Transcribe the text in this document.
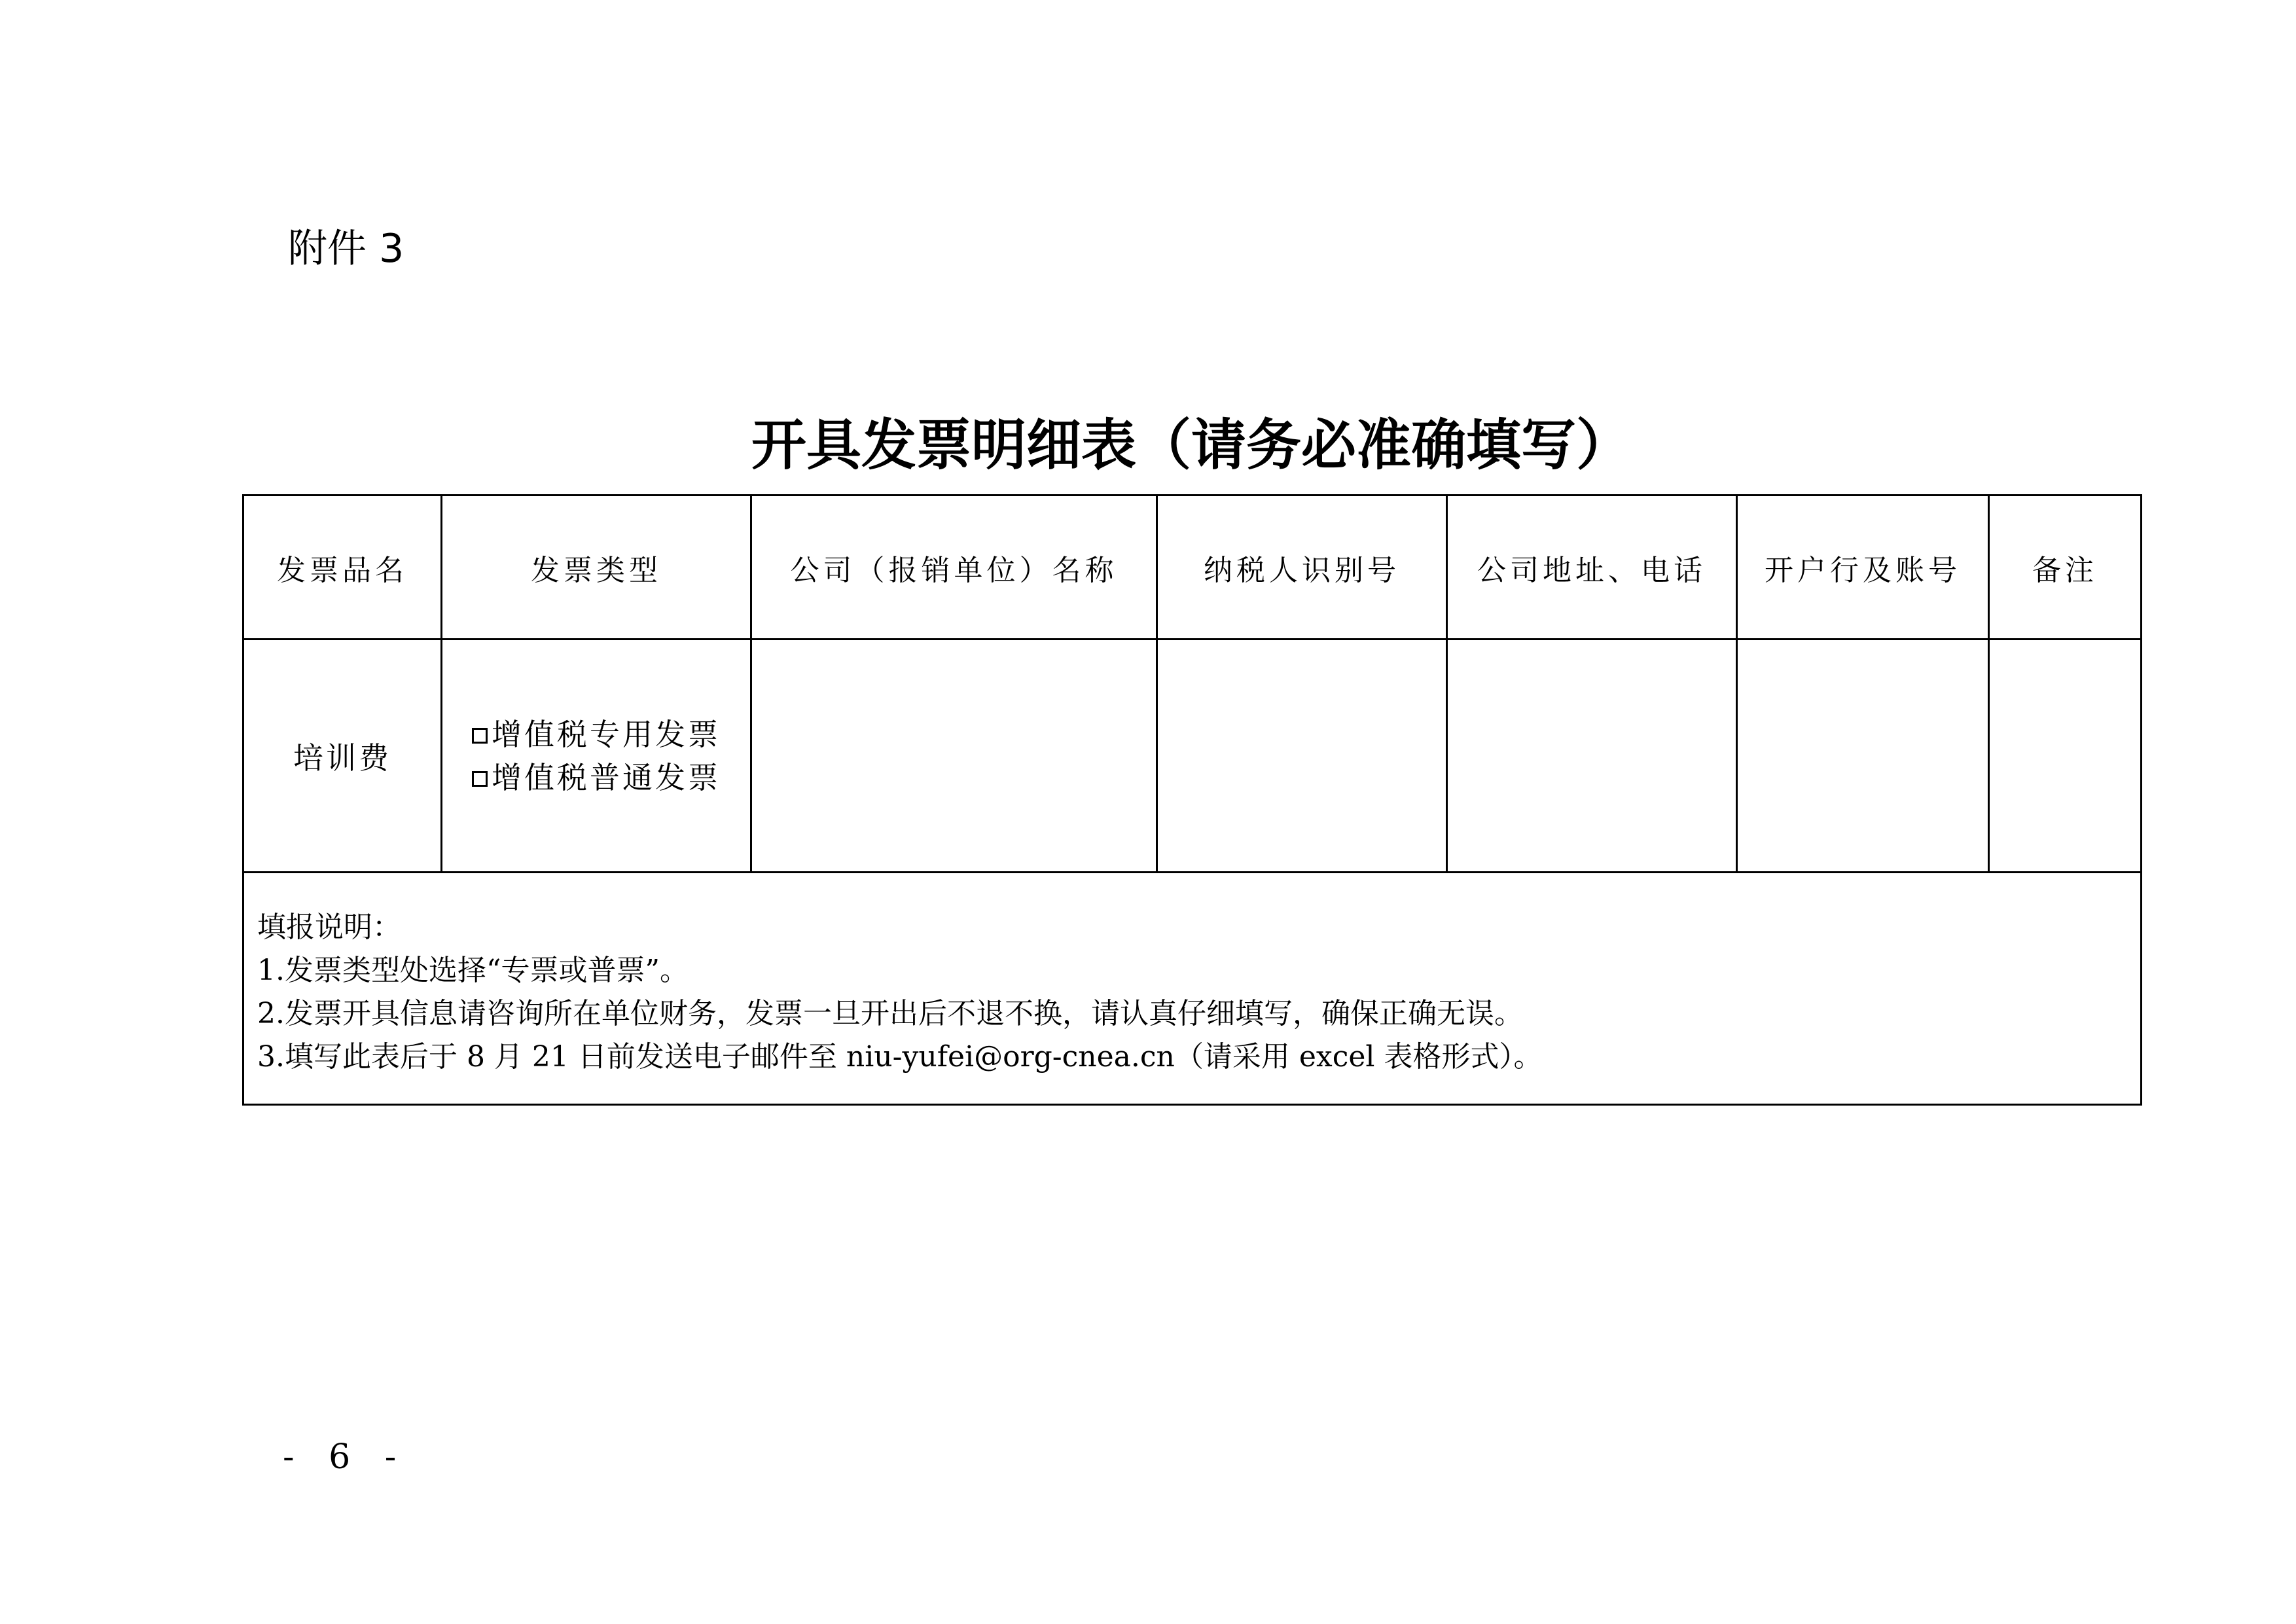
附件 3
开具发票明细表（请务必准确填写）
发票品名	发票类型	公司（报销单位）名称	纳税人识别号	公司地址、电话	开户行及账号	备注
培训费	增值税专用发票
增值税普通发票					

填报说明：
1.发票类型处选择“专票或普票”。
2.发票开具信息请咨询所在单位财务，发票一旦开出后不退不换，请认真仔细填写，确保正确无误。
3.填写此表后于 8 月 21 日前发送电子邮件至 niu-yufei@org-cnea.cn（请采用 excel 表格形式）。						
- 6 -
